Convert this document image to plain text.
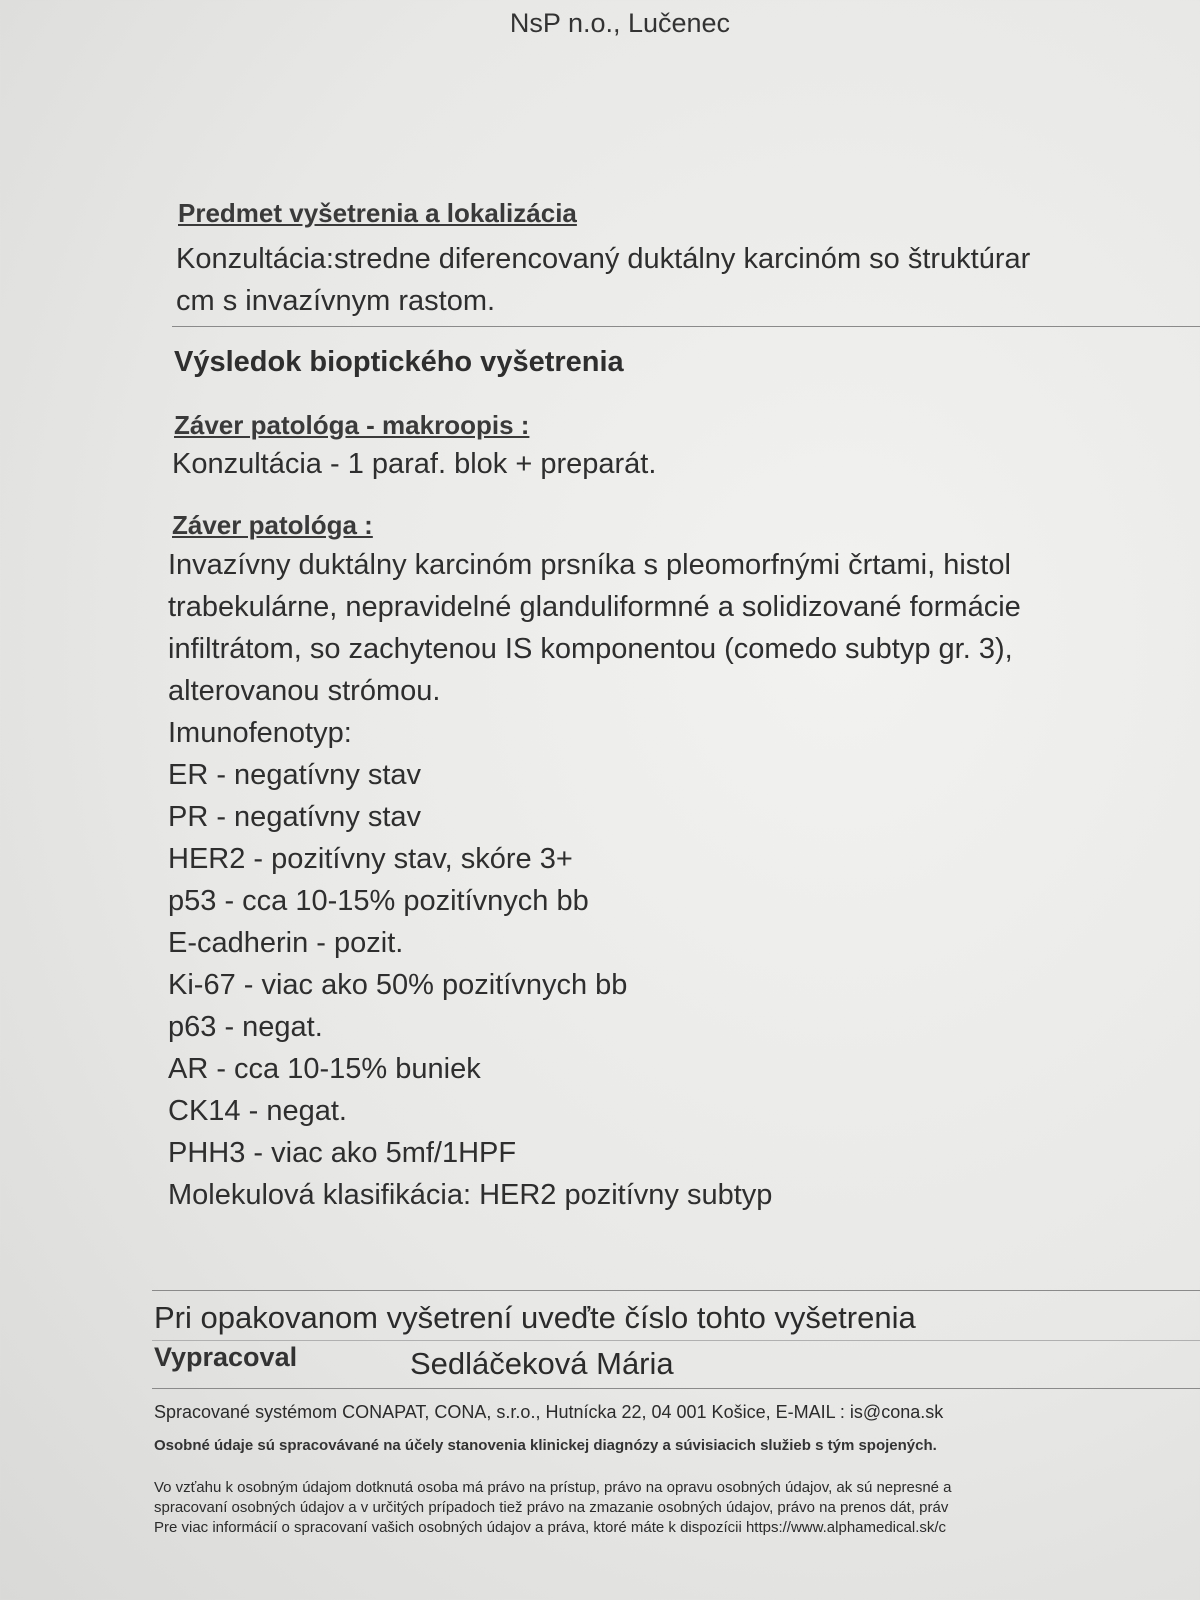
NsP n.o., Lučenec
Predmet vyšetrenia a lokalizácia
Konzultácia:stredne diferencovaný duktálny karcinóm so štruktúrar
cm s invazívnym rastom.
Výsledok bioptického vyšetrenia
Záver patológa - makroopis :
Konzultácia - 1 paraf. blok + preparát.
Záver patológa :
Invazívny duktálny karcinóm prsníka s pleomorfnými črtami, histol
trabekulárne, nepravidelné glanduliformné a solidizované formácie
infiltrátom, so zachytenou IS komponentou (comedo subtyp gr. 3),
alterovanou strómou.
Imunofenotyp:
ER - negatívny stav
PR - negatívny stav
HER2 - pozitívny stav, skóre 3+
p53 - cca 10-15% pozitívnych bb
E-cadherin - pozit.
Ki-67 - viac ako 50% pozitívnych bb
p63 - negat.
AR - cca 10-15% buniek
CK14 - negat.
PHH3 - viac ako 5mf/1HPF
Molekulová klasifikácia: HER2 pozitívny subtyp
Pri opakovanom vyšetrení uveďte číslo tohto vyšetrenia
Vypracoval	Sedláčeková Mária
Spracované systémom CONAPAT, CONA, s.r.o., Hutnícka 22, 04 001 Košice, E-MAIL : is@cona.sk
Osobné údaje sú spracovávané na účely stanovenia klinickej diagnózy a súvisiacich služieb s tým spojených.
Vo vzťahu k osobným údajom dotknutá osoba má právo na prístup, právo na opravu osobných údajov, ak sú nepresné a
spracovaní osobných údajov a v určitých prípadoch tiež právo na zmazanie osobných údajov, právo na prenos dát, práv
Pre viac informácií o spracovaní vašich osobných údajov a práva, ktoré máte k dispozícii https://www.alphamedical.sk/c
